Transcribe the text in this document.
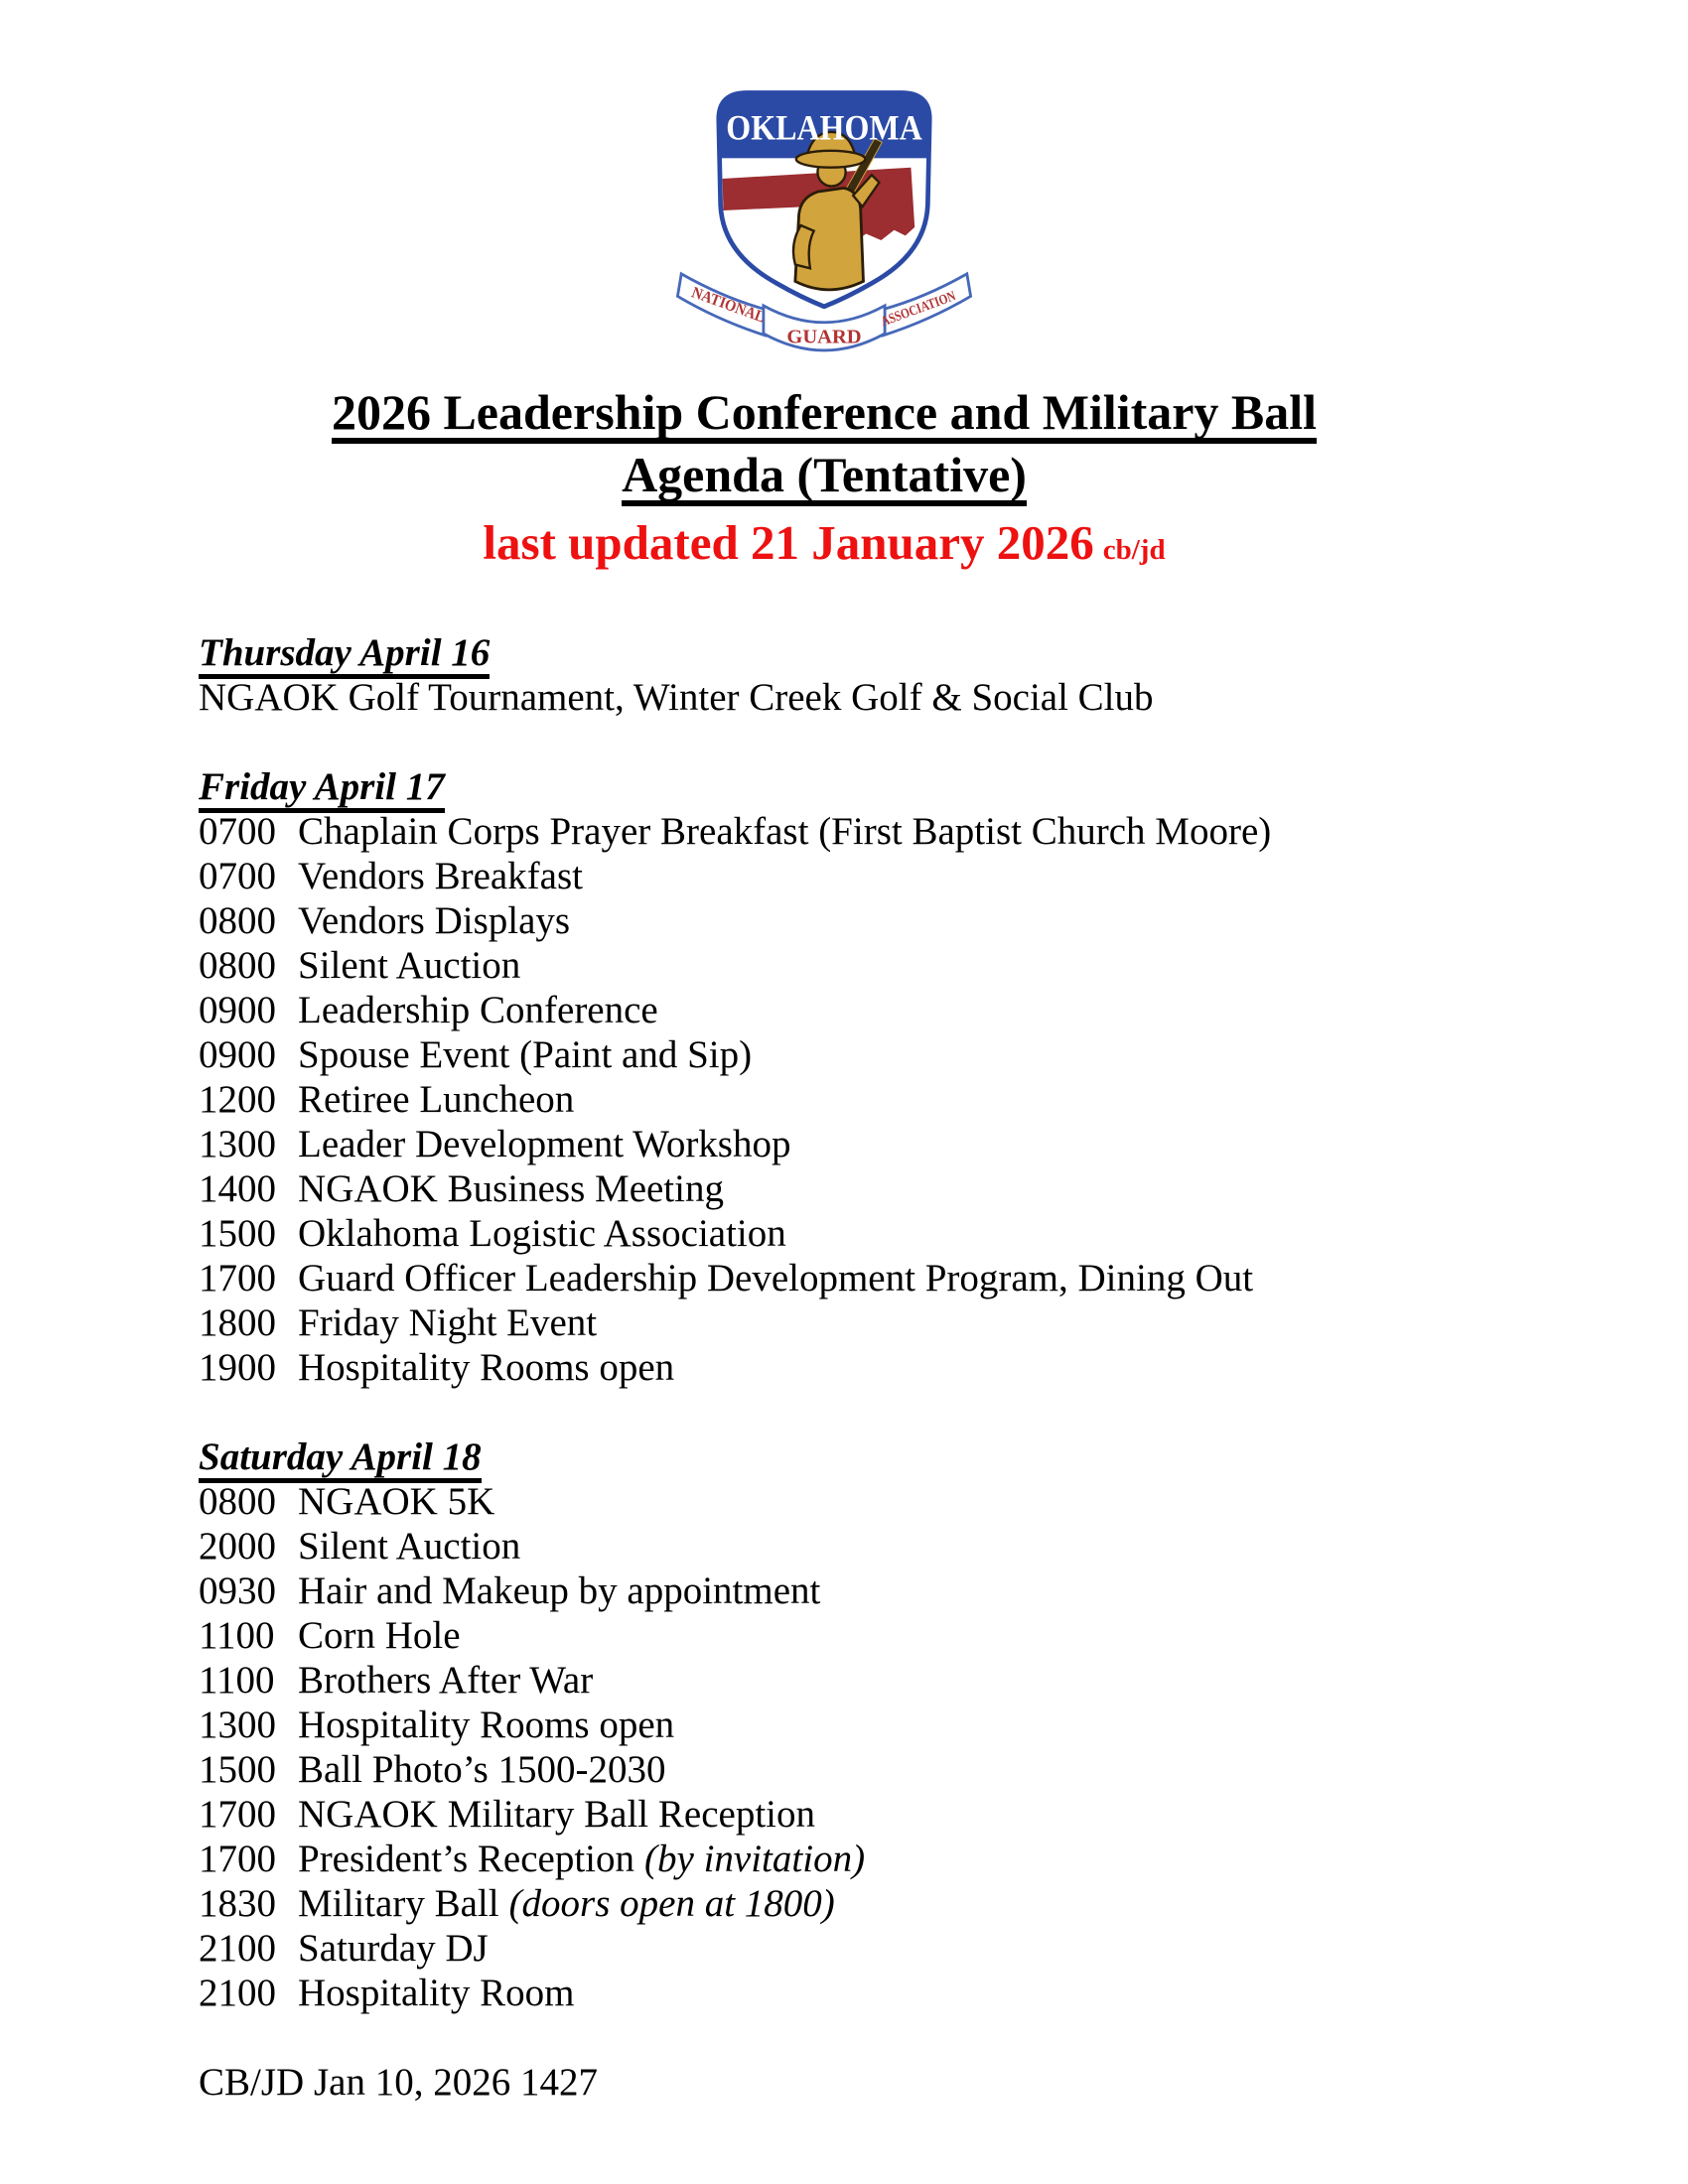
OKLAHOMA
NATIONAL	ASSOCIATION
GUARD
2026 Leadership Conference and Military Ball
Agenda (Tentative)
last updated 21 January 2026 cb/jd
Thursday April 16
NGAOK Golf Tournament, Winter Creek Golf & Social Club
Friday April 17
0700 Chaplain Corps Prayer Breakfast (First Baptist Church Moore)
0700 Vendors Breakfast
0800 Vendors Displays
0800 Silent Auction
0900 Leadership Conference
0900 Spouse Event (Paint and Sip)
1200 Retiree Luncheon
1300 Leader Development Workshop
1400 NGAOK Business Meeting
1500 Oklahoma Logistic Association
1700 Guard Officer Leadership Development Program, Dining Out
1800 Friday Night Event
1900 Hospitality Rooms open
Saturday April 18
0800 NGAOK 5K
2000 Silent Auction
0930 Hair and Makeup by appointment
1100 Corn Hole
1100 Brothers After War
1300 Hospitality Rooms open
1500 Ball Photo’s 1500-2030
1700 NGAOK Military Ball Reception
1700 President’s Reception (by invitation)
1830 Military Ball (doors open at 1800)
2100 Saturday DJ
2100 Hospitality Room
CB/JD Jan 10, 2026 1427
